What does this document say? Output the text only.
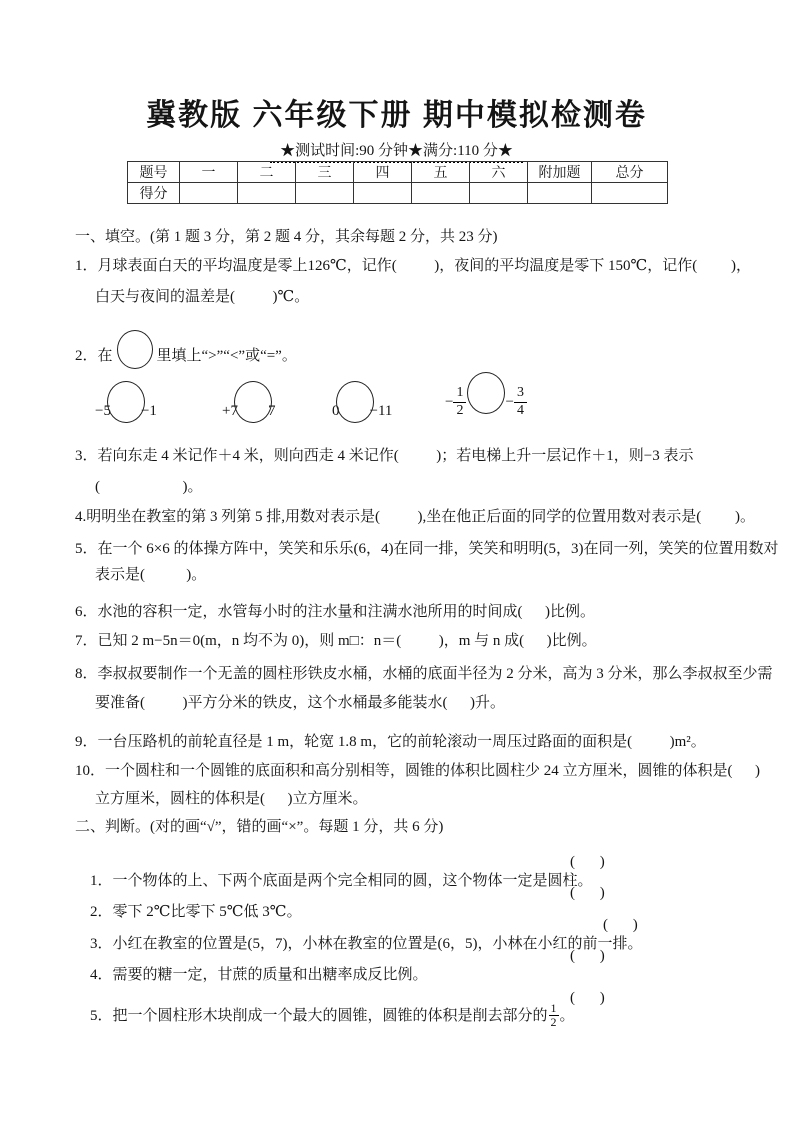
冀教版 六年级下册 期中模拟检测卷
★测试时间:90 分钟★满分:110 分★
题号	一	二	三	四	五	六	附加题	总分
得分								
一、填空。(第 1 题 3 分，第 2 题 4 分，其余每题 2 分，共 23 分)
1．月球表面白天的平均温度是零上126℃，记作(          )，夜间的平均温度是零下 150℃，记作(         )，
白天与夜间的温差是(          )℃。
2．在	里填上“>”“<”或“=”。
−5 −1	+7 7	0 −11
− $\frac{1}{2}$	− $\frac{3}{4}$
3．若向东走 4 米记作＋4 米，则向西走 4 米记作(          )；若电梯上升一层记作＋1，则−3 表示
(                      )。
4.明明坐在教室的第 3 列第 5 排,用数对表示是(          ),坐在他正后面的同学的位置用数对表示是(         )。
5．在一个 6×6 的体操方阵中，笑笑和乐乐(6，4)在同一排，笑笑和明明(5，3)在同一列，笑笑的位置用数对
表示是(           )。
6．水池的容积一定，水管每小时的注水量和注满水池所用的时间成(      )比例。
7．已知 2 m−5n＝0(m，n 均不为 0)，则 m□：n＝(          )，m 与 n 成(      )比例。
8．李叔叔要制作一个无盖的圆柱形铁皮水桶，水桶的底面半径为 2 分米，高为 3 分米，那么李叔叔至少需
要准备(          )平方分米的铁皮，这个水桶最多能装水(      )升。
9．一台压路机的前轮直径是 1 m，轮宽 1.8 m，它的前轮滚动一周压过路面的面积是(          )m²。
10．一个圆柱和一个圆锥的底面积和高分别相等，圆锥的体积比圆柱少 24 立方厘米，圆锥的体积是(      )
立方厘米，圆柱的体积是(      )立方厘米。
二、判断。(对的画“√”，错的画“×”。每题 1 分，共 6 分)

1．一个物体的上、下两个底面是两个完全相同的圆，这个物体一定是圆柱。

(　 )

2．零下 2℃比零下 5℃低 3℃。

(　 )

3．小红在教室的位置是(5，7)，小林在教室的位置是(6，5)，小林在小红的前一排。

(　 )

4．需要的糖一定，甘蔗的质量和出糖率成反比例。

(　 )

5．把一个圆柱形木块削成一个最大的圆锥，圆锥的体积是削去部分的 $\frac{1}{2}$ 。

(　 )
